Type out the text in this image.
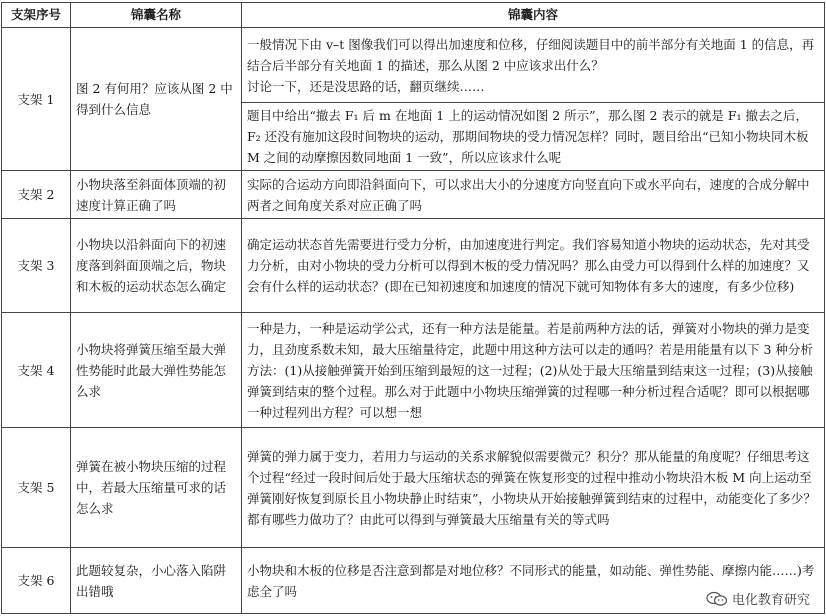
支架序号	锦囊名称	锦囊内容
支架 1	图 2 有何用？应该从图 2 中得到什么信息	一般情况下由 v–t 图像我们可以得出加速度和位移，仔细阅读题目中的前半部分有关地面 1 的信息，再结合后半部分有关地面 1 的描述，那么从图 2 中应该求出什么？
讨论一下，还是没思路的话，翻页继续……

		题目中给出“撤去 F₁ 后 m 在地面 1 上的运动情况如图 2 所示”，那么图 2 表示的就是 F₁ 撤去之后，F₂ 还没有施加这段时间物块的运动，那期间物块的受力情况怎样？同时，题目给出“已知小物块同木板 M 之间的动摩擦因数同地面 1 一致”，所以应该求什么呢

支架 2	小物块落至斜面体顶端的初速度计算正确了吗	实际的合运动方向即沿斜面向下，可以求出大小的分速度方向竖直向下或水平向右，速度的合成分解中两者之间角度关系对应正确了吗
支架 3	小物块以沿斜面向下的初速度落到斜面顶端之后，物块和木板的运动状态怎么确定	确定运动状态首先需要进行受力分析，由加速度进行判定。我们容易知道小物块的运动状态，先对其受力分析，由对小物块的受力分析可以得到木板的受力情况吗？那么由受力可以得到什么样的加速度？又会有什么样的运动状态？(即在已知初速度和加速度的情况下就可知物体有多大的速度，有多少位移)
支架 4	小物块将弹簧压缩至最大弹性势能时此最大弹性势能怎么求	一种是力，一种是运动学公式，还有一种方法是能量。若是前两种方法的话，弹簧对小物块的弹力是变力，且劲度系数未知，最大压缩量待定，此题中用这种方法可以走的通吗？若是用能量有以下 3 种分析方法：(1)从接触弹簧开始到压缩到最短的这一过程；(2)从处于最大压缩量到结束这一过程；(3)从接触弹簧到结束的整个过程。那么对于此题中小物块压缩弹簧的过程哪一种分析过程合适呢？即可以根据哪一种过程列出方程？可以想一想
支架 5	弹簧在被小物块压缩的过程中，若最大压缩量可求的话怎么求	弹簧的弹力属于变力，若用力与运动的关系求解貌似需要微元？积分？那从能量的角度呢？仔细思考这个过程“经过一段时间后处于最大压缩状态的弹簧在恢复形变的过程中推动小物块沿木板 M 向上运动至弹簧刚好恢复到原长且小物块静止时结束”，小物块从开始接触弹簧到结束的过程中，动能变化了多少？都有哪些力做功了？由此可以得到与弹簧最大压缩量有关的等式吗
支架 6	此题较复杂，小心落入陷阱出错哦	小物块和木板的位移是否注意到都是对地位移？不同形式的能量，如动能、弹性势能、摩擦内能……)考虑全了吗
电化教育研究
